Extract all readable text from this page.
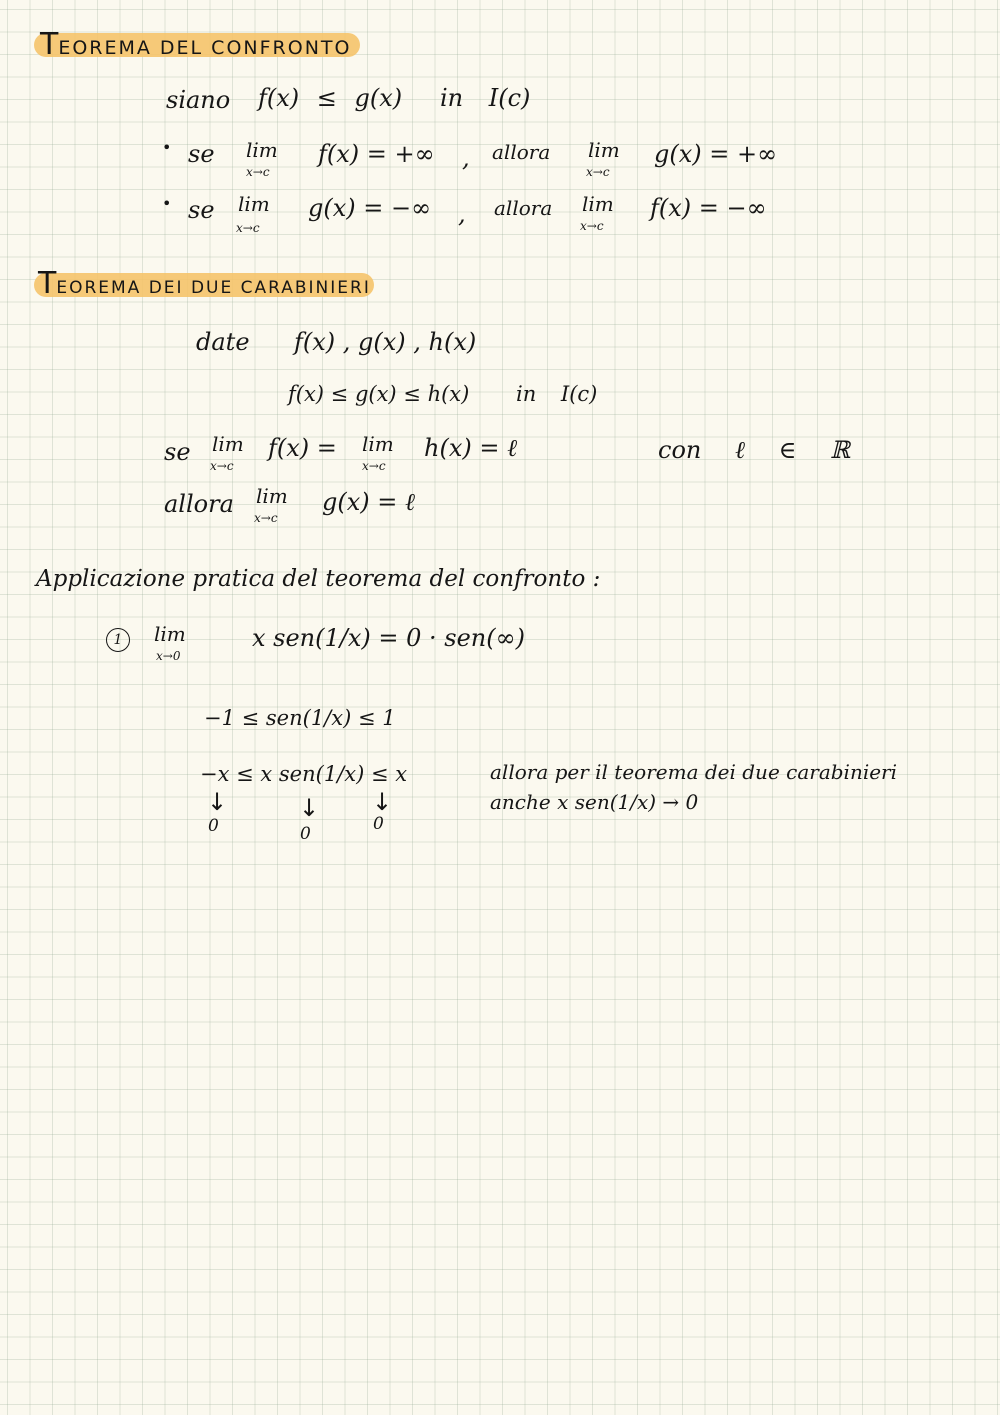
TEOREMA DEL CONFRONTO
siano f(x) ≤ g(x) in I(c)
• se lim
x→c
f(x) = +∞ , allora lim
x→c
g(x) = +∞
• se lim
x→c
g(x) = −∞ , allora lim
x→c
f(x) = −∞
TEOREMA DEI DUE CARABINIERI
date f(x) , g(x) , h(x)
f(x) ≤ g(x) ≤ h(x) in I(c)
se lim
x→c
f(x) = lim
x→c
h(x) = ℓ	con ℓ ∈ ℝ
allora lim
x→c
g(x) = ℓ
Applicazione pratica del teorema del confronto :
1	lim
x→0
x sen(1/x) = 0 · sen(∞)
−1 ≤ sen(1/x) ≤ 1
−x ≤ x sen(1/x) ≤ x
↓	↓ ↓
0	0	0
allora per il teorema dei due carabinieri
anche x sen(1/x) → 0
